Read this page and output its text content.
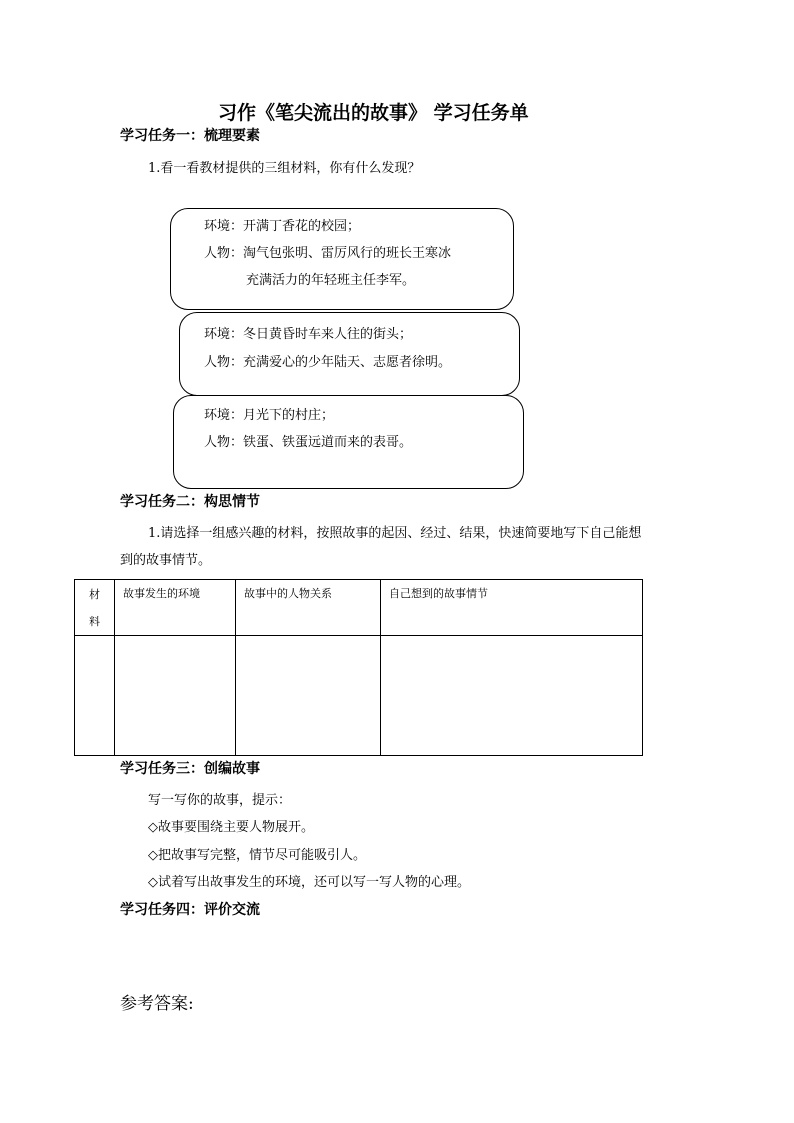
习作《笔尖流出的故事》 学习任务单
学习任务一：梳理要素
1.看一看教材提供的三组材料，你有什么发现？
环境：开满丁香花的校园；
人物：淘气包张明、雷厉风行的班长王寒冰
充满活力的年轻班主任李军。
环境：冬日黄昏时车来人往的街头；
人物：充满爱心的少年陆天、志愿者徐明。
环境：月光下的村庄；
人物：铁蛋、铁蛋远道而来的表哥。
学习任务二：构思情节
1.请选择一组感兴趣的材料，按照故事的起因、经过、结果，快速简要地写下自己能想
到的故事情节。
材
料	故事发生的环境	故事中的人物关系	自己想到的故事情节

学习任务三：创编故事
写一写你的故事，提示：
◇故事要围绕主要人物展开。
◇把故事写完整，情节尽可能吸引人。
◇试着写出故事发生的环境，还可以写一写人物的心理。
学习任务四：评价交流
参考答案:
